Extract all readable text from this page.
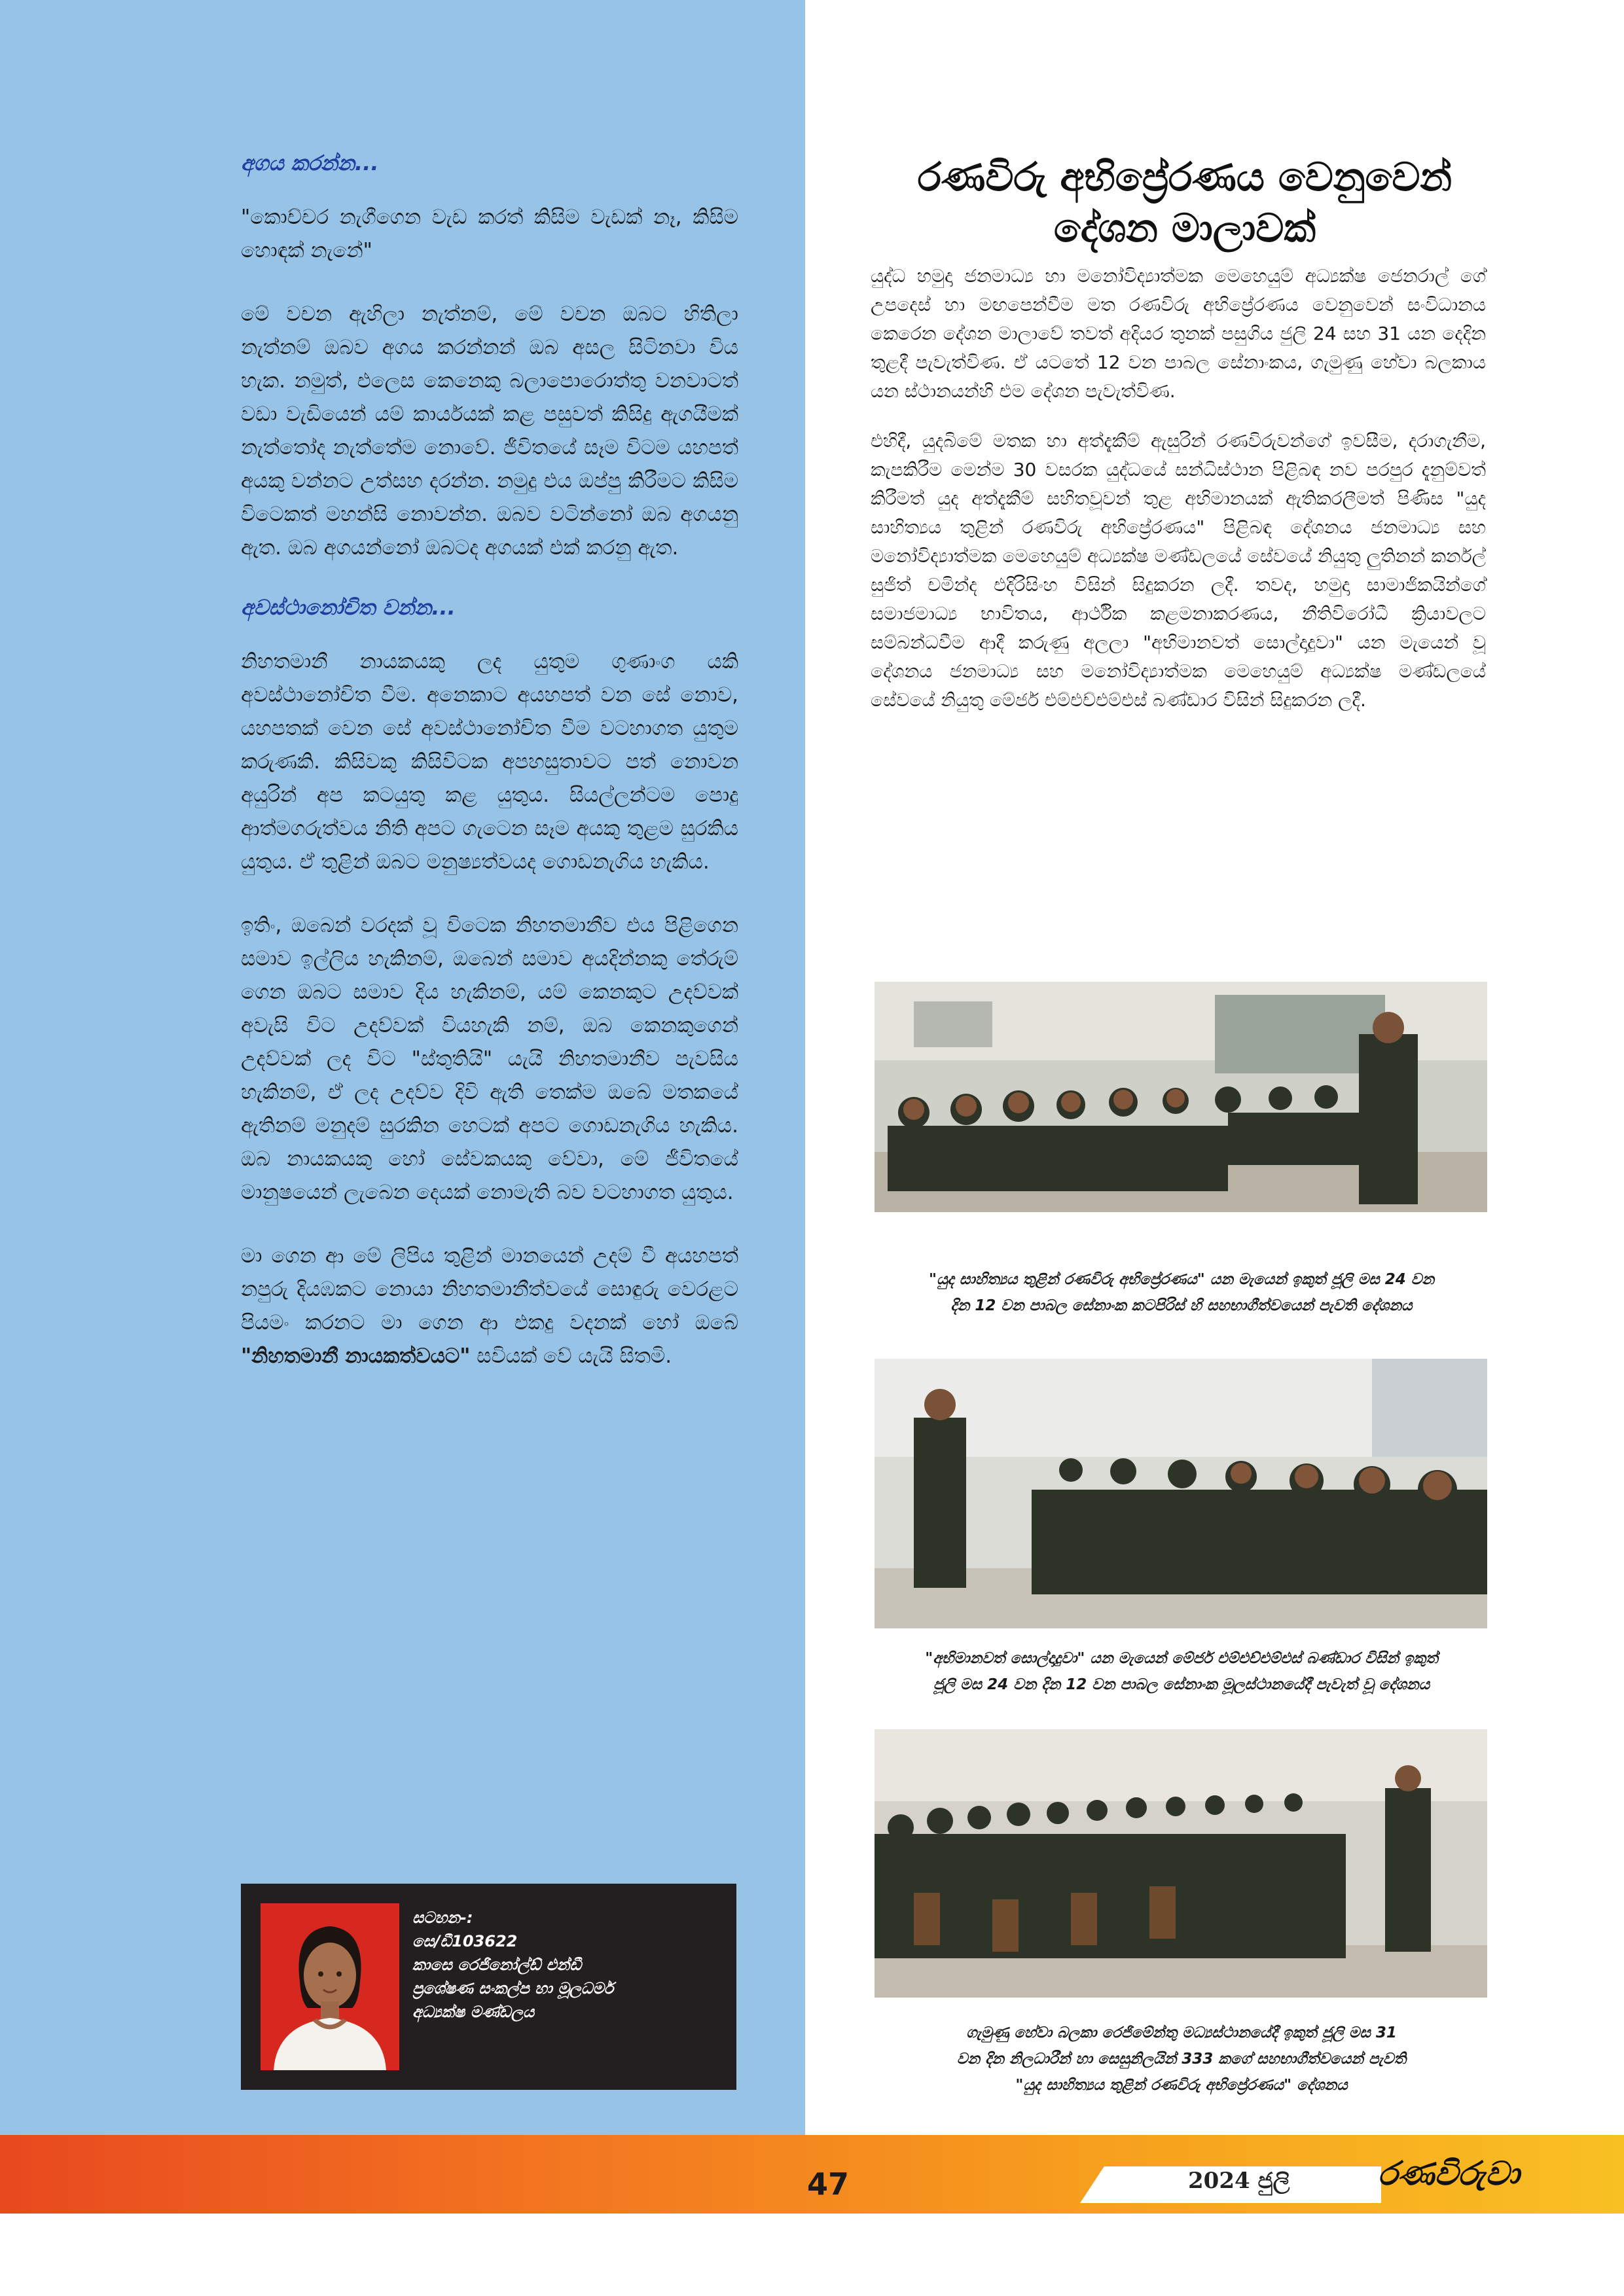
අගය කරන්න...

"කොච්චර නැගීගෙන වැඩ කරත් කිසිම වැඩක් නෑ, කිසිම හොඳක් නැනේ"

මේ වචන ඇහිලා නැත්නම්, මේ වචන ඔබට හිතිලා නැත්නම් ඔබව අගය කරන්නන් ඔබ අසල සිටිනවා විය හැක. නමුත්, එලෙස කෙනෙකු බලාපොරොත්තු වනවාටත් වඩා වැඩියෙන් යම් කාර්යයක් කළ පසුවත් කිසිදු ඇගයීමක් නැත්තෝද නැත්තේම නොවේ. ජීවිතයේ සෑම විටම යහපත් අයකු වන්නට උත්සහ දරන්න. නමුදු එය ඔප්පු කිරීමට කිසිම විටෙකත් මහන්සි නොවන්න. ඔබව වටින්නෝ ඔබ අගයනු ඇත. ඔබ අගයන්නෝ ඔබටද අගයක් එක් කරනු ඇත.

අවස්ථානෝචිත වන්න...

නිහතමානී නායකයකු ලද යුතුම ගුණාංග යකි අවස්ථානෝචිත වීම. අනෙකාට අයහපත් වන සේ නොව, යහපතක් වෙන සේ අවස්ථානෝචිත වීම වටහාගත යුතුම කරුණකි. කිසිවකු කිසිවිටක අපහසුතාවට පත් නොවන අයුරින් අප කටයුතු කළ යුතුය. සියල්ලන්ටම පොදු ආත්මගරුත්වය නිති අපට ගැටෙන සෑම අයකු තුළම සුරකිය යුතුය. ඒ තුළින් ඔබට මනුෂ්‍යත්වයද ගොඩනැගිය හැකිය.

ඉතිං, ඔබෙන් වරදක් වූ විටෙක නිහතමානීව එය පිළිගෙන සමාව ඉල්ලිය හැකිනම්, ඔබෙන් සමාව අයදින්නකු තේරුම් ගෙන ඔබට සමාව දිය හැකිනම්, යම් කෙනකුට උදව්වක් අවැසි විට උදව්වක් වියහැකි නම්, ඔබ කෙනකුගෙන් උදව්වක් ලද විට "ස්තුතියි" යැයි නිහතමානීව පැවසිය හැකිනම්, ඒ ලද උදව්ව දිවි ඇති තෙක්ම ඔබේ මතකයේ ඇතිනම් මනුදම් සුරකින හෙටක් අපට ගොඩනැගිය හැකිය. ඔබ නායකයකු හෝ සේවකයකු වේවා, මේ ජීවිතයේ මානුෂයෙන් ලැබෙන දෙයක් නොමැති බව වටහාගත යුතුය.

මා ගෙන ආ මේ ලිපිය තුළින් මානයෙන් උදම් වී අයහපත් නපුරු දියඹකට නොයා නිහතමානීත්වයේ සොඳුරු වෙරළට පියමං කරනට මා ගෙන ආ එකදු වදනක් හෝ ඔබේ "නිහතමානී නායකත්වයට" සවියක් වේ යැයි සිතමි.

සටහන-:
සෙ/ඩී103622
කාසෙ රෙජිනෝල්ඩ් එන්ඩී
ප්‍රශේෂණ සංකල්ප හා මූලධර්ම
අධ්‍යක්ෂ මණ්ඩලය
රණවිරු අභිප්‍රේරණය වෙනුවෙන්
දේශන මාලාවක්

යුද්ධ හමුදා ජනමාධ්‍ය හා මනෝවිද්‍යාත්මක මෙහෙයුම් අධ්‍යක්ෂ ජෙනරාල් ගේ උපදෙස් හා මඟපෙන්වීම මත රණවිරු අභිප්‍රේරණය වෙනුවෙන් සංවිධානය කෙරෙන දේශන මාලාවේ තවත් අදියර තුනක් පසුගිය ජුලි 24 සහ 31 යන දෙදින තුළදී පැවැත්විණ. ඒ යටතේ 12 වන පාබල සේනාංකය, ගැමුණු හේවා බලකාය යන ස්ථානයන්හි එම දේශන පැවැත්විණ.

එහිදී, යුදබිමේ මතක හා අත්දැකීම් ඇසුරින් රණවිරුවන්ගේ ඉවසීම, දරාගැනීම, කැපකිරීම මෙන්ම 30 වසරක යුද්ධයේ සන්ධිස්ථාන පිළිබඳ නව පරපුර දැනුම්වත් කිරීමත් යුද අත්දැකීම් සහිතවූවන් තුළ අභිමානයක් ඇතිකරලීමත් පිණිස "යුද සාහිත්‍යය තුළින් රණවිරු අභිප්‍රේරණය" පිළිබඳ දේශනය ජනමාධ්‍ය සහ මනෝවිද්‍යාත්මක මෙහෙයුම් අධ්‍යක්ෂ මණ්ඩලයේ සේවයේ නියුතු ලුතිනන් කර්නල් සුජිත් චමින්ද එදිරිසිංහ විසින් සිදුකරන ලදී. තවද, හමුදා සාමාජිකයින්ගේ සමාජමාධ්‍ය භාවිතය, ආර්ථික කළමනාකරණය, නීතිවිරෝධී ක්‍රියාවලට සම්බන්ධවීම ආදී කරුණු අලලා "අභිමානවත් සොල්දාදුවා" යන මැයෙන් වූ දේශනය ජනමාධ්‍ය සහ මනෝවිද්‍යාත්මක මෙහෙයුම් අධ්‍යක්ෂ මණ්ඩලයේ සේවයේ නියුතු මේජර් එම්එච්එම්එස් බණ්ඩාර විසින් සිදුකරන ලදී.

"යුද සාහිත්‍යය තුළින් රණවිරු අභිප්‍රේරණය" යන මැයෙන් ඉකුත් ජූලි මස 24 වන
දින 12 වන පාබල සේනාංක කටපිරිස් හි සහභාගීත්වයෙන් පැවති දේශනය
"අභිමානවත් සොල්දාදුවා" යන මැයෙන් මේජර් එම්එච්එම්එස් බණ්ඩාර විසින් ඉකුත්
ජූලි මස 24 වන දින 12 වන පාබල සේනාංක මූලස්ථානයේදී පැවැත් වූ දේශනය
ගැමුණු හේවා බලකා රෙජිමේන්තු මධ්‍යස්ථානයේදී ඉකුත් ජූලි මස 31
වන දින නිලධාරීන් හා සෙසුනිලයින් 333 කගේ සහභාගීත්වයෙන් පැවති
"යුද සාහිත්‍යය තුළින් රණවිරු අභිප්‍රේරණය" දේශනය
47	2024 ජුලි	රණවිරුවා
